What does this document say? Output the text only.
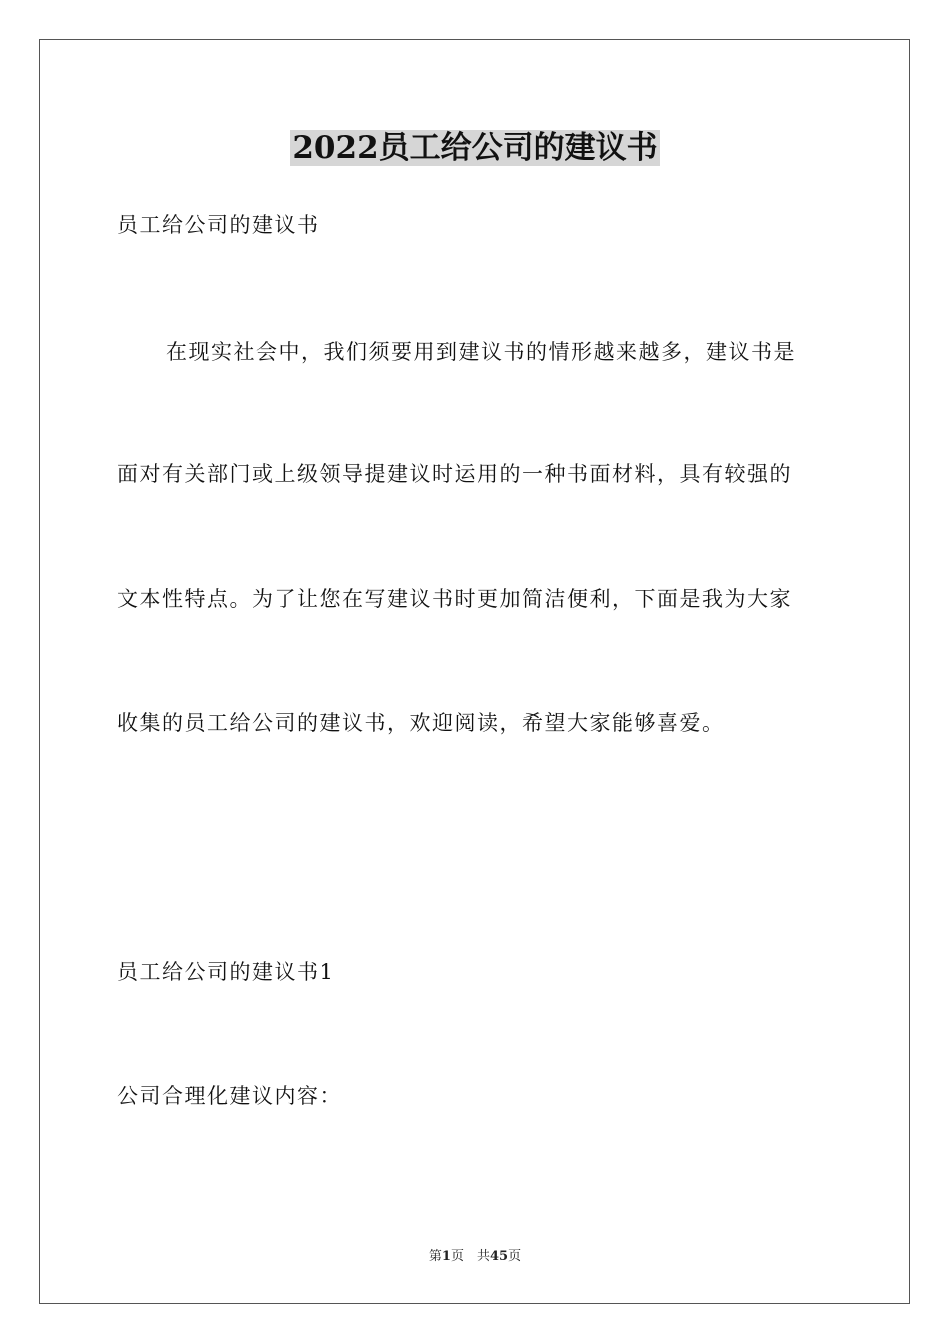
2022员工给公司的建议书
员工给公司的建议书
在现实社会中，我们须要用到建议书的情形越来越多，建议书是
面对有关部门或上级领导提建议时运用的一种书面材料，具有较强的
文本性特点。为了让您在写建议书时更加简洁便利，下面是我为大家
收集的员工给公司的建议书，欢迎阅读，希望大家能够喜爱。
员工给公司的建议书1
公司合理化建议内容：
第1页　共45页
